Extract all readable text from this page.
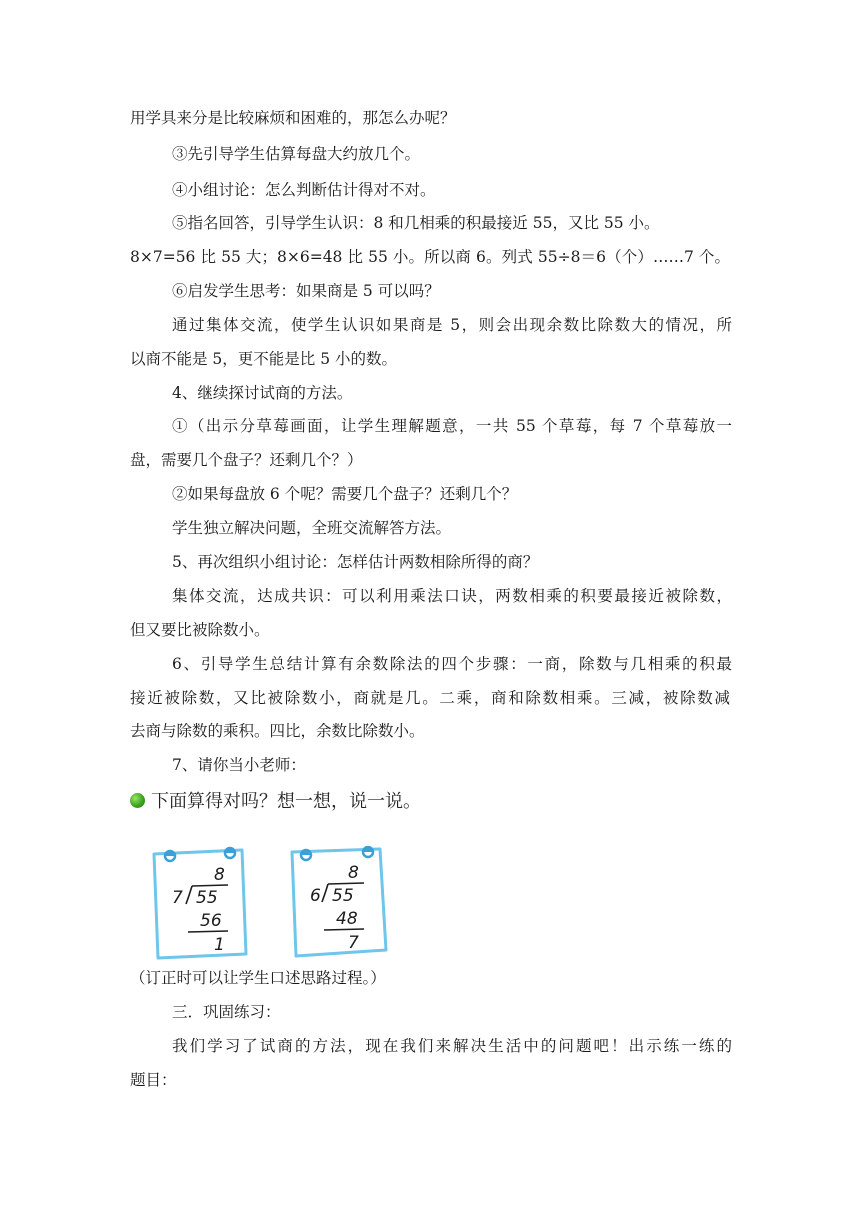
用学具来分是比较麻烦和困难的，那怎么办呢？
③先引导学生估算每盘大约放几个。
④小组讨论：怎么判断估计得对不对。
⑤指名回答，引导学生认识：8 和几相乘的积最接近 55，又比 55 小。
8×7=56 比 55 大；8×6=48 比 55 小。所以商 6。列式 55÷8＝6（个）……7 个。
⑥启发学生思考：如果商是 5 可以吗？
通过集体交流，使学生认识如果商是 5，则会出现余数比除数大的情况，所
以商不能是 5，更不能是比 5 小的数。
4、继续探讨试商的方法。
①（出示分草莓画面，让学生理解题意，一共 55 个草莓，每 7 个草莓放一
盘，需要几个盘子？还剩几个？）
②如果每盘放 6 个呢？需要几个盘子？还剩几个？
学生独立解决问题，全班交流解答方法。
5、再次组织小组讨论：怎样估计两数相除所得的商？
集体交流，达成共识：可以利用乘法口诀，两数相乘的积要最接近被除数，
但又要比被除数小。
6、引导学生总结计算有余数除法的四个步骤：一商，除数与几相乘的积最
接近被除数，又比被除数小，商就是几。二乘，商和除数相乘。三减，被除数减
去商与除数的乘积。四比，余数比除数小。
7、请你当小老师：
下面算得对吗？想一想，说一说。
8
7 55
56
1
8
6 55
48
7
（订正时可以让学生口述思路过程。）
三．巩固练习：
我们学习了试商的方法，现在我们来解决生活中的问题吧！出示练一练的
题目：
